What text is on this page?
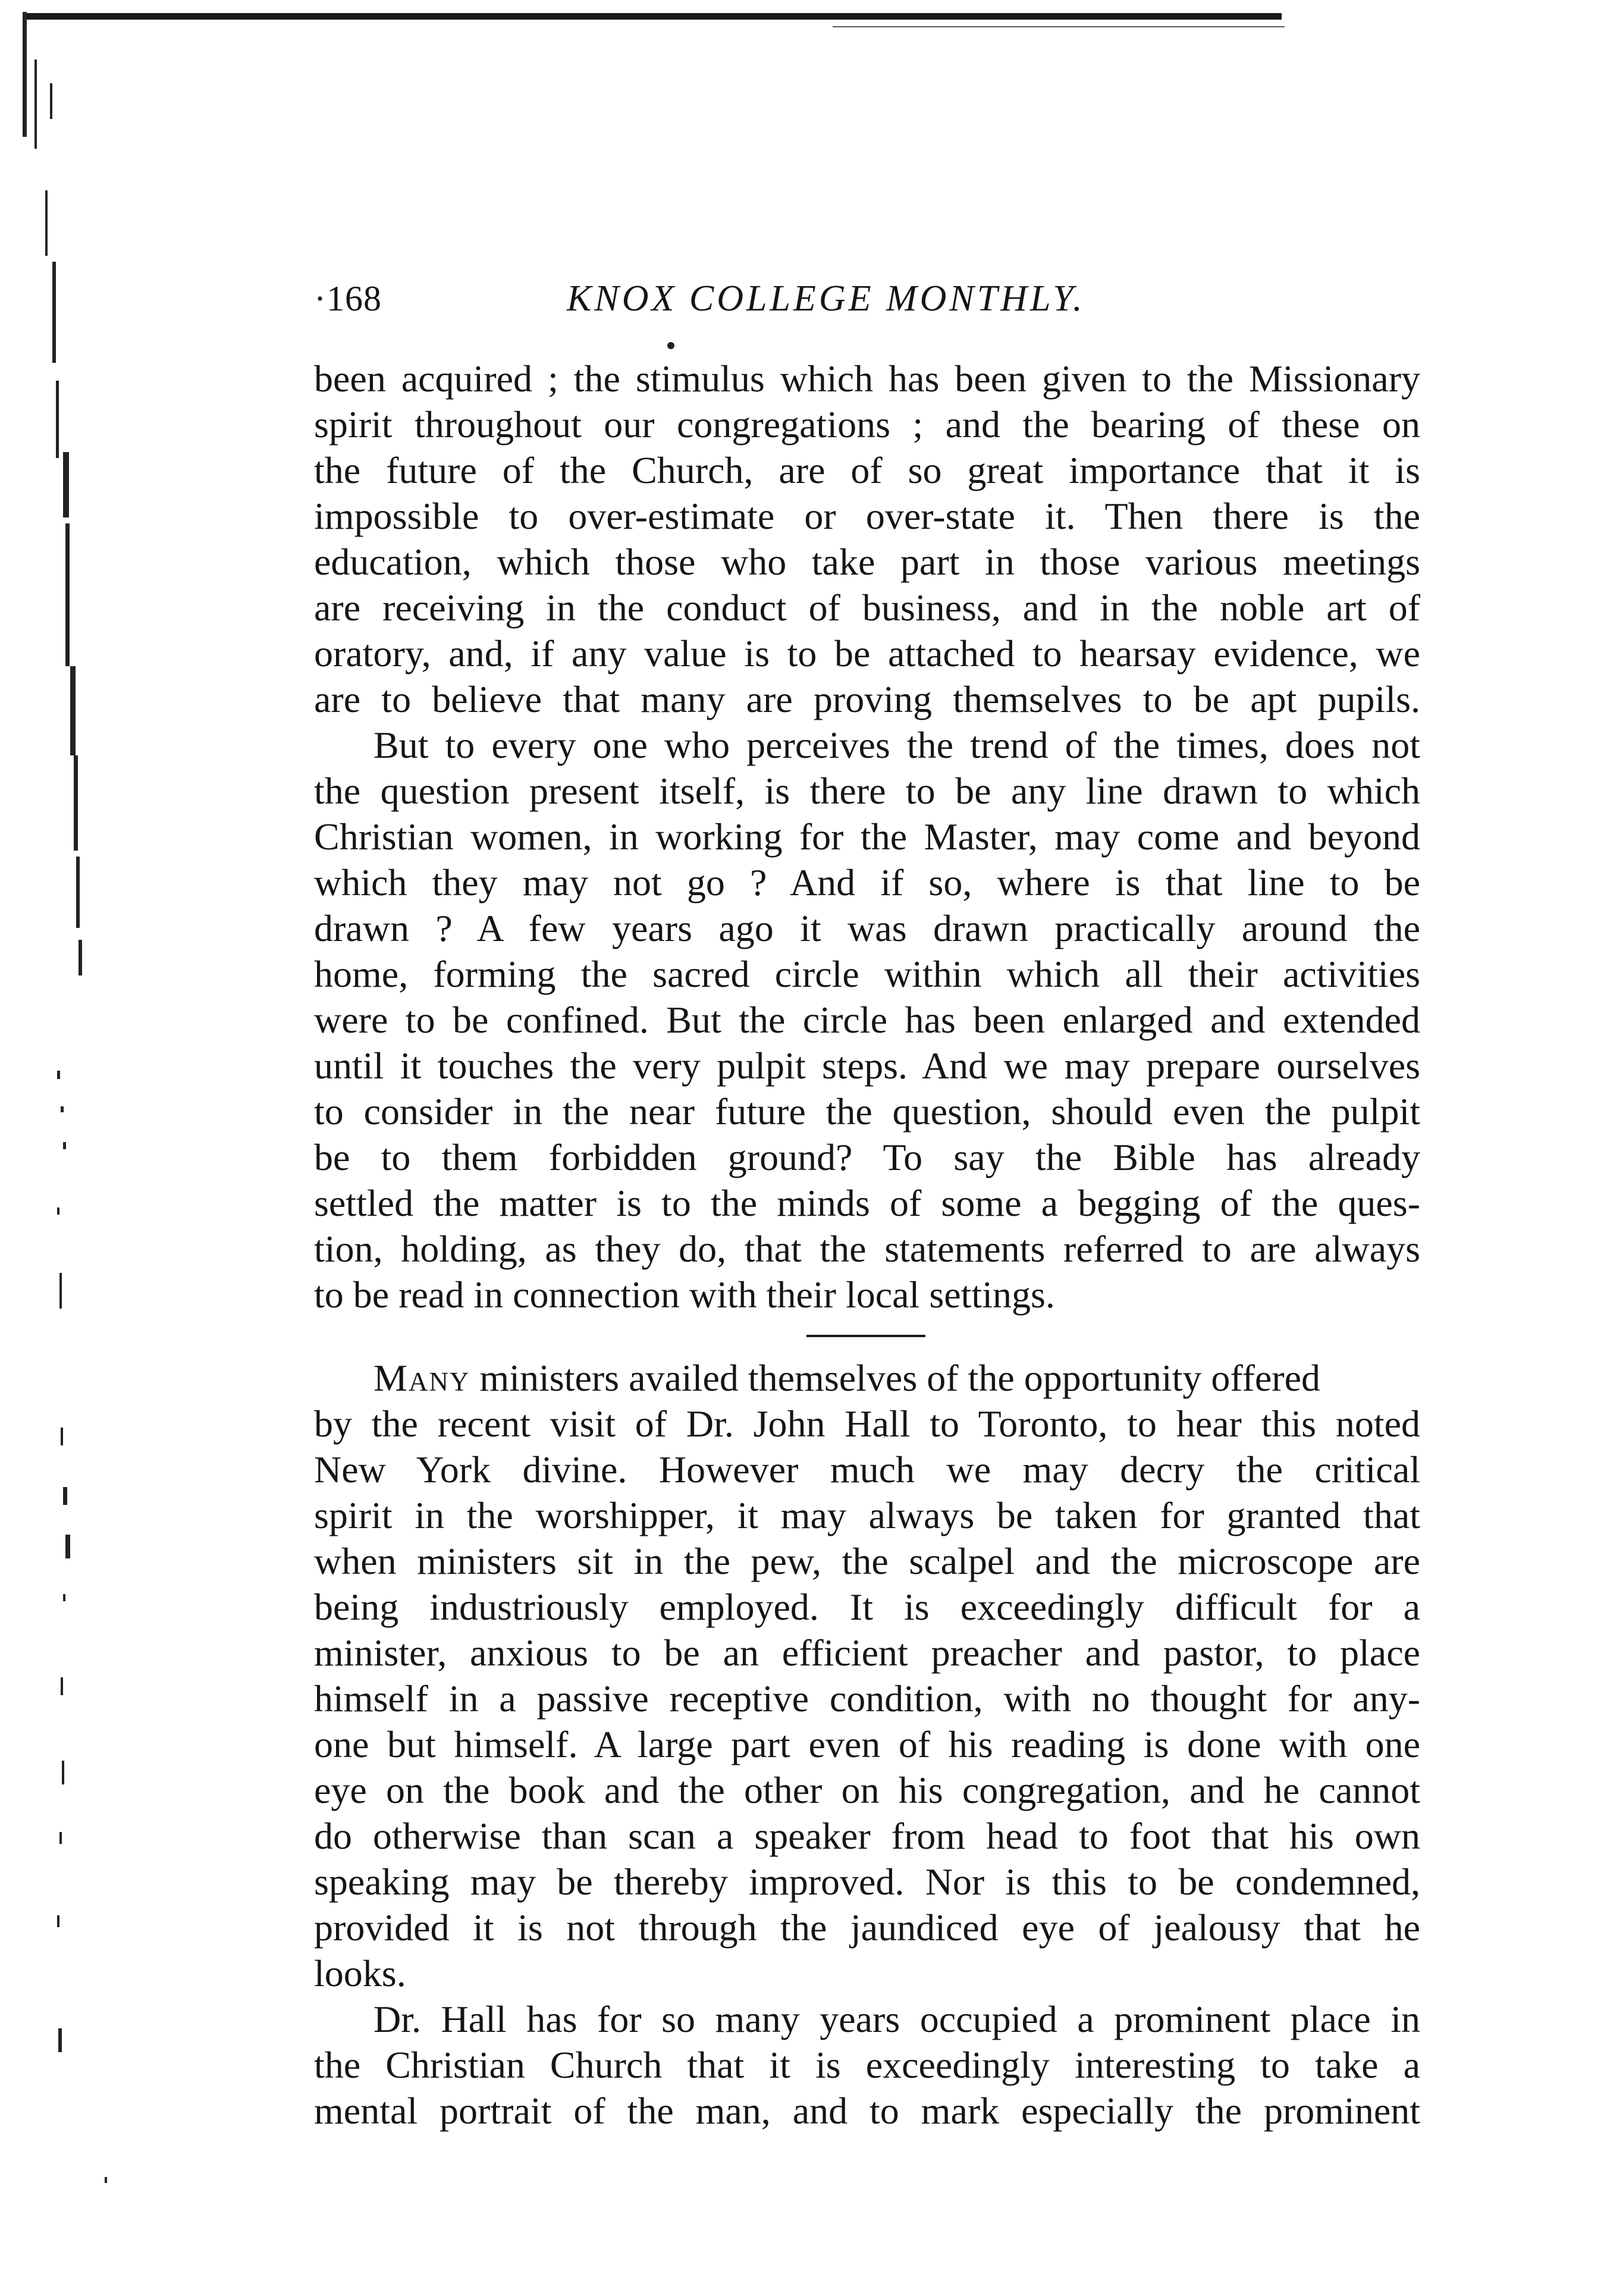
·168	KNOX COLLEGE MONTHLY.
been acquired ; the stimulus which has been given to the Missionary
spirit throughout our congregations ; and the bearing of these on
the future of the Church, are of so great importance that it is
impossible to over-estimate or over-state it. Then there is the
education, which those who take part in those various meetings
are receiving in the conduct of business, and in the noble art of
oratory, and, if any value is to be attached to hearsay evidence, we
are to believe that many are proving themselves to be apt pupils.
But to every one who perceives the trend of the times, does not
the question present itself, is there to be any line drawn to which
Christian women, in working for the Master, may come and beyond
which they may not go ? And if so, where is that line to be
drawn ? A few years ago it was drawn practically around the
home, forming the sacred circle within which all their activities
were to be confined. But the circle has been enlarged and extended
until it touches the very pulpit steps. And we may prepare ourselves
to consider in the near future the question, should even the pulpit
be to them forbidden ground? To say the Bible has already
settled the matter is to the minds of some a begging of the ques-
tion, holding, as they do, that the statements referred to are always
to be read in connection with their local settings.
Many ministers availed themselves of the opportunity offered
by the recent visit of Dr. John Hall to Toronto, to hear this noted
New York divine. However much we may decry the critical
spirit in the worshipper, it may always be taken for granted that
when ministers sit in the pew, the scalpel and the microscope are
being industriously employed. It is exceedingly difficult for a
minister, anxious to be an efficient preacher and pastor, to place
himself in a passive receptive condition, with no thought for any-
one but himself. A large part even of his reading is done with one
eye on the book and the other on his congregation, and he cannot
do otherwise than scan a speaker from head to foot that his own
speaking may be thereby improved. Nor is this to be condemned,
provided it is not through the jaundiced eye of jealousy that he
looks.
Dr. Hall has for so many years occupied a prominent place in
the Christian Church that it is exceedingly interesting to take a
mental portrait of the man, and to mark especially the prominent
